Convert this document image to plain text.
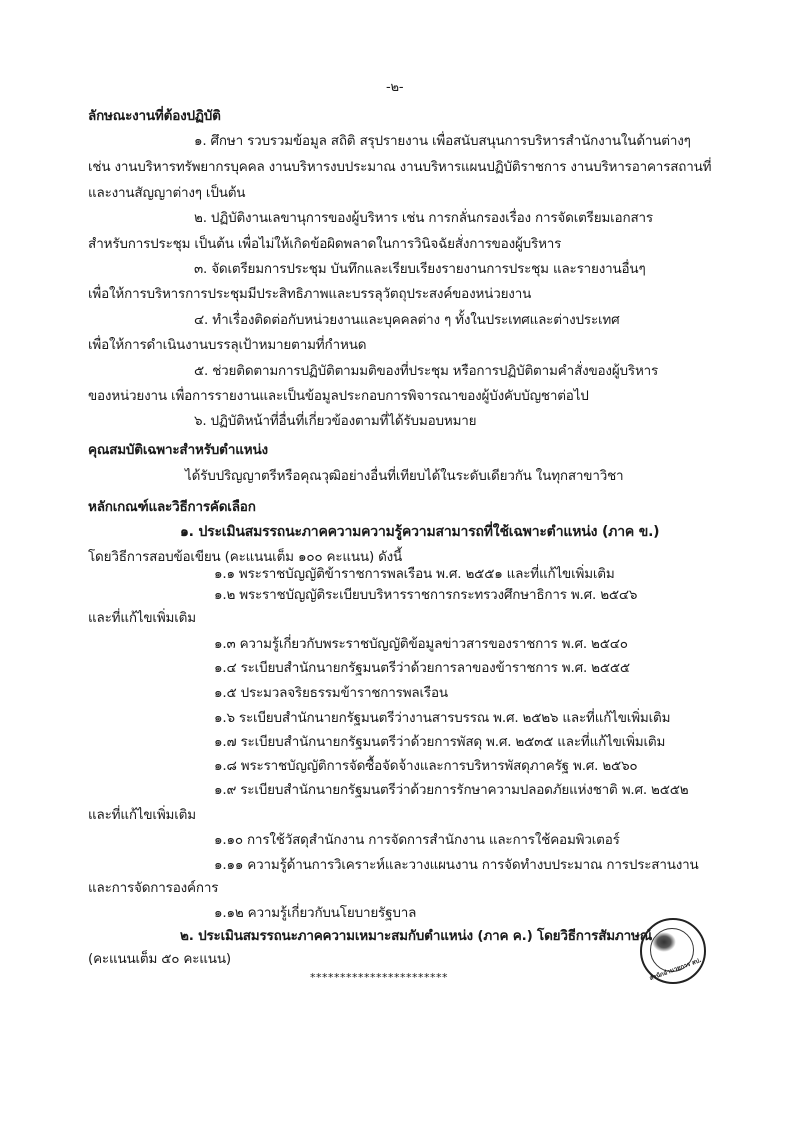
-๒-
ลักษณะงานที่ต้องปฏิบัติ
๑. ศึกษา รวบรวมข้อมูล สถิติ สรุปรายงาน เพื่อสนับสนุนการบริหารสำนักงานในด้านต่างๆ
เช่น งานบริหารทรัพยากรบุคคล งานบริหารงบประมาณ งานบริหารแผนปฏิบัติราชการ งานบริหารอาคารสถานที่
และงานสัญญาต่างๆ เป็นต้น
๒. ปฏิบัติงานเลขานุการของผู้บริหาร เช่น การกลั่นกรองเรื่อง การจัดเตรียมเอกสาร
สำหรับการประชุม เป็นต้น เพื่อไม่ให้เกิดข้อผิดพลาดในการวินิจฉัยสั่งการของผู้บริหาร
๓. จัดเตรียมการประชุม บันทึกและเรียบเรียงรายงานการประชุม และรายงานอื่นๆ
เพื่อให้การบริหารการประชุมมีประสิทธิภาพและบรรลุวัตถุประสงค์ของหน่วยงาน
๔. ทำเรื่องติดต่อกับหน่วยงานและบุคคลต่าง ๆ ทั้งในประเทศและต่างประเทศ
เพื่อให้การดำเนินงานบรรลุเป้าหมายตามที่กำหนด
๕. ช่วยติดตามการปฏิบัติตามมติของที่ประชุม หรือการปฏิบัติตามคำสั่งของผู้บริหาร
ของหน่วยงาน เพื่อการรายงานและเป็นข้อมูลประกอบการพิจารณาของผู้บังคับบัญชาต่อไป
๖. ปฏิบัติหน้าที่อื่นที่เกี่ยวข้องตามที่ได้รับมอบหมาย
คุณสมบัติเฉพาะสำหรับตำแหน่ง
ได้รับปริญญาตรีหรือคุณวุฒิอย่างอื่นที่เทียบได้ในระดับเดียวกัน ในทุกสาขาวิชา
หลักเกณฑ์และวิธีการคัดเลือก
๑. ประเมินสมรรถนะภาคความความรู้ความสามารถที่ใช้เฉพาะตำแหน่ง (ภาค ข.)
โดยวิธีการสอบข้อเขียน (คะแนนเต็ม ๑๐๐ คะแนน) ดังนี้
๑.๑ พระราชบัญญัติข้าราชการพลเรือน พ.ศ. ๒๕๕๑ และที่แก้ไขเพิ่มเติม
๑.๒ พระราชบัญญัติระเบียบบริหารราชการกระทรวงศึกษาธิการ พ.ศ. ๒๕๔๖
และที่แก้ไขเพิ่มเติม
๑.๓ ความรู้เกี่ยวกับพระราชบัญญัติข้อมูลข่าวสารของราชการ พ.ศ. ๒๕๔๐
๑.๔ ระเบียบสำนักนายกรัฐมนตรีว่าด้วยการลาของข้าราชการ พ.ศ. ๒๕๕๕
๑.๕ ประมวลจริยธรรมข้าราชการพลเรือน
๑.๖ ระเบียบสำนักนายกรัฐมนตรีว่างานสารบรรณ พ.ศ. ๒๕๒๖ และที่แก้ไขเพิ่มเติม
๑.๗ ระเบียบสำนักนายกรัฐมนตรีว่าด้วยการพัสดุ พ.ศ. ๒๕๓๕ และที่แก้ไขเพิ่มเติม
๑.๘ พระราชบัญญัติการจัดซื้อจัดจ้างและการบริหารพัสดุภาครัฐ พ.ศ. ๒๕๖๐
๑.๙ ระเบียบสำนักนายกรัฐมนตรีว่าด้วยการรักษาความปลอดภัยแห่งชาติ พ.ศ. ๒๕๕๒
และที่แก้ไขเพิ่มเติม
๑.๑๐ การใช้วัสดุสำนักงาน การจัดการสำนักงาน และการใช้คอมพิวเตอร์
๑.๑๑ ความรู้ด้านการวิเคราะห์และวางแผนงาน การจัดทำงบประมาณ การประสานงาน
และการจัดการองค์การ
๑.๑๒ ความรู้เกี่ยวกับนโยบายรัฐบาล
๒. ประเมินสมรรถนะภาคความเหมาะสมกับตำแหน่ง (ภาค ค.) โดยวิธีการสัมภาษณ์
(คะแนนเต็ม ๕๐ คะแนน)
***********************	สำนักอำนวยการ สป.
